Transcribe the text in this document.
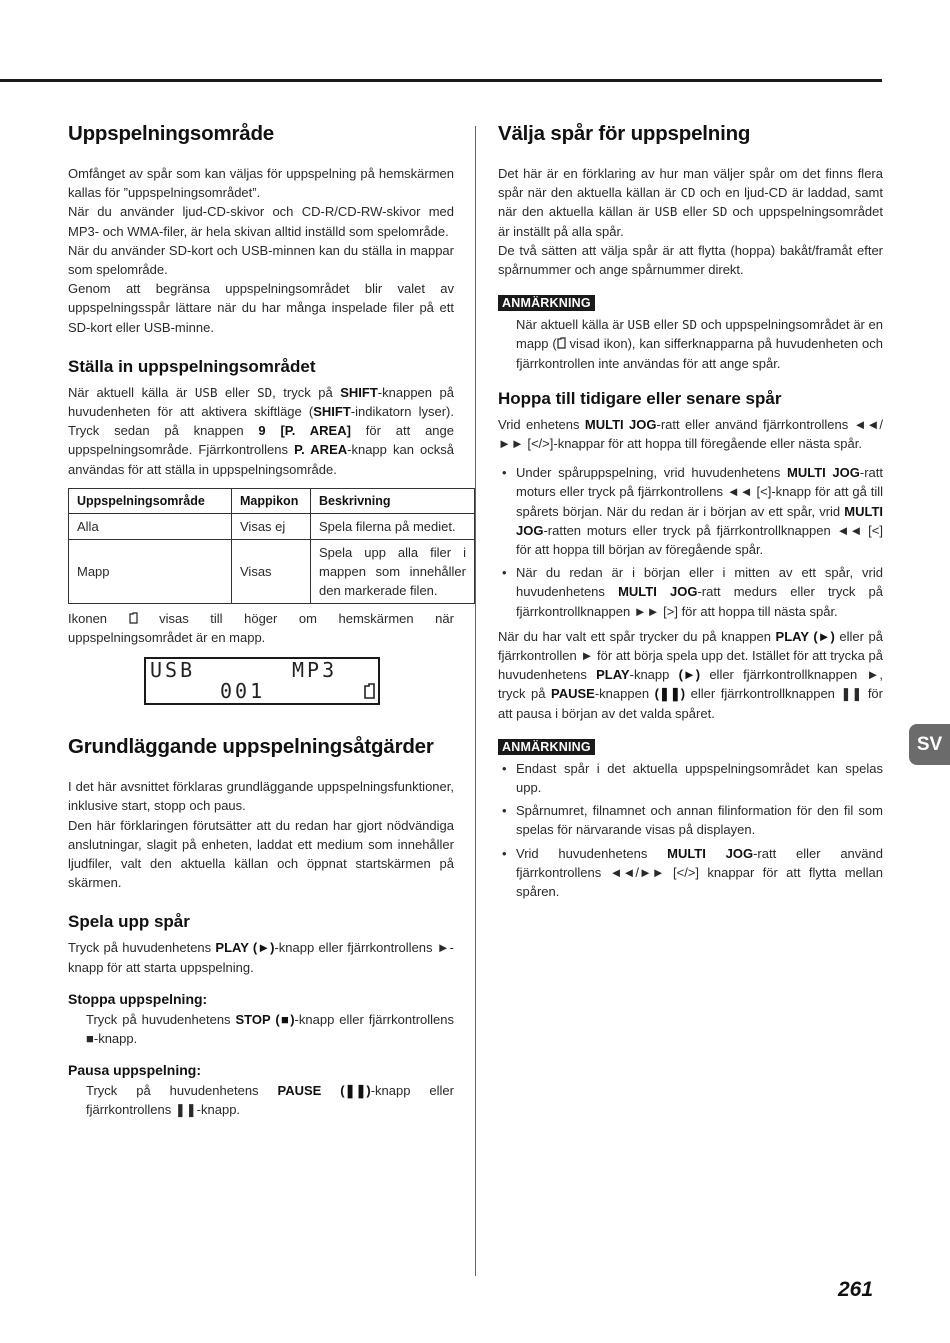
Uppspelningsområde

Omfånget av spår som kan väljas för uppspelning på hemskärmen kallas för ”uppspelningsområdet”.

När du använder ljud-CD-skivor och CD-R/CD-RW-skivor med MP3- och WMA-filer, är hela skivan alltid inställd som spelområde.

När du använder SD-kort och USB-minnen kan du ställa in mappar som spelområde.

Genom att begränsa uppspelningsområdet blir valet av uppspelningsspår lättare när du har många inspelade filer på ett SD-kort eller USB-minne.

Ställa in uppspelningsområdet

När aktuell källa är USB eller SD, tryck på SHIFT-knappen på huvudenheten för att aktivera skiftläge (SHIFT-indikatorn lyser). Tryck sedan på knappen 9 [P. AREA] för att ange uppspelningsområde. Fjärrkontrollens P. AREA-knapp kan också användas för att ställa in uppspelningsområde.

Uppspelningsområde	Mappikon	Beskrivning
Alla	Visas ej	Spela filerna på mediet.
Mapp	Visas	Spela upp alla filer i mappen som innehåller den markerade filen.

Ikonen  visas till höger om hemskärmen när uppspelningsområdet är en mapp.

USB	MP3
001
Grundläggande uppspelningsåtgärder

I det här avsnittet förklaras grundläggande uppspelningsfunktioner, inklusive start, stopp och paus.

Den här förklaringen förutsätter att du redan har gjort nödvändiga anslutningar, slagit på enheten, laddat ett medium som innehåller ljudfiler, valt den aktuella källan och öppnat startskärmen på skärmen.

Spela upp spår

Tryck på huvudenhetens PLAY (►)-knapp eller fjärrkontrollens ►-knapp för att starta uppspelning.

Stoppa uppspelning:

Tryck på huvudenhetens STOP (■)-knapp eller fjärrkontrollens ■-knapp.

Pausa uppspelning:

Tryck på huvudenhetens PAUSE (❚❚)-knapp eller fjärrkontrollens ❚❚-knapp.

Välja spår för uppspelning

Det här är en förklaring av hur man väljer spår om det finns flera spår när den aktuella källan är CD och en ljud-CD är laddad, samt när den aktuella källan är USB eller SD och uppspelningsområdet är inställt på alla spår.

De två sätten att välja spår är att flytta (hoppa) bakåt/framåt efter spårnummer och ange spårnummer direkt.

ANMÄRKNING

När aktuell källa är USB eller SD och uppspelningsområdet är en mapp ( visad ikon), kan sifferknapparna på huvudenheten och fjärrkontrollen inte användas för att ange spår.

Hoppa till tidigare eller senare spår

Vrid enhetens MULTI JOG-ratt eller använd fjärrkontrollens ◄◄/►► [</>]-knappar för att hoppa till föregående eller nästa spår.

• Under spåruppspelning, vrid huvudenhetens MULTI JOG-ratt moturs eller tryck på fjärrkontrollens ◄◄ [<]-knapp för att gå till spårets början. När du redan är i början av ett spår, vrid MULTI JOG-ratten moturs eller tryck på fjärrkontrollknappen ◄◄ [<] för att hoppa till början av föregående spår.
• När du redan är i början eller i mitten av ett spår, vrid huvudenhetens MULTI JOG-ratt medurs eller tryck på fjärrkontrollknappen ►► [>] för att hoppa till nästa spår.

När du har valt ett spår trycker du på knappen PLAY (►) eller på fjärrkontrollen ► för att börja spela upp det. Istället för att trycka på huvudenhetens PLAY-knapp (►) eller fjärrkontrollknappen ►, tryck på PAUSE-knappen (❚❚) eller fjärrkontrollknappen ❚❚ för att pausa i början av det valda spåret.

ANMÄRKNING
• Endast spår i det aktuella uppspelningsområdet kan spelas upp.
• Spårnumret, filnamnet och annan filinformation för den fil som spelas för närvarande visas på displayen.
• Vrid huvudenhetens MULTI JOG-ratt eller använd fjärrkontrollens ◄◄/►► [</>] knappar för att flytta mellan spåren.
SV
261
